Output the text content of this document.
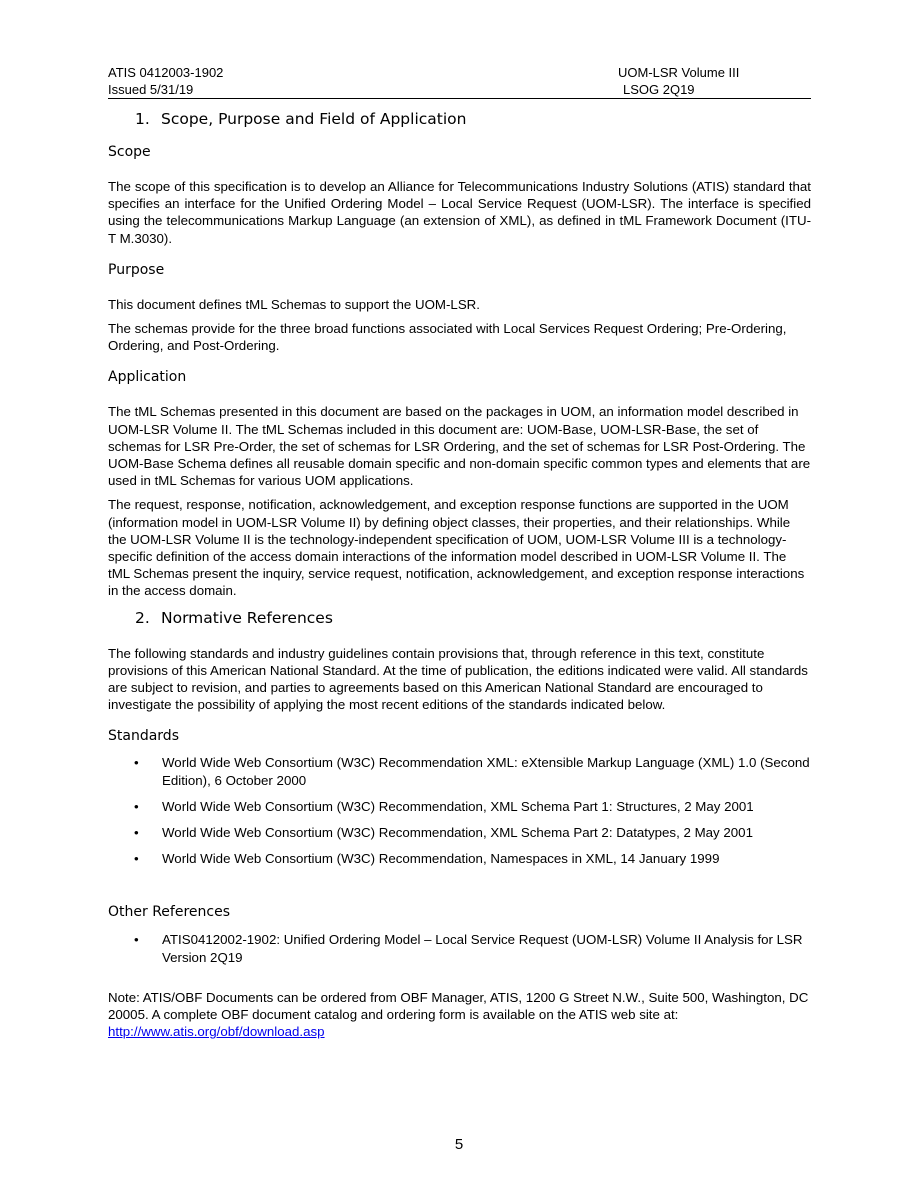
ATIS 0412003-1902
Issued 5/31/19
UOM-LSR Volume III
LSOG 2Q19
1. Scope, Purpose and Field of Application
Scope

The scope of this specification is to develop an Alliance for Telecommunications Industry Solutions (ATIS) standard that specifies an interface for the Unified Ordering Model – Local Service Request (UOM-LSR). The interface is specified using the telecommunications Markup Language (an extension of XML), as defined in tML Framework Document (ITU-T M.3030).

Purpose

This document defines tML Schemas to support the UOM-LSR.

The schemas provide for the three broad functions associated with Local Services Request Ordering; Pre-Ordering, Ordering, and Post-Ordering.

Application

The tML Schemas presented in this document are based on the packages in UOM, an information model described in UOM-LSR Volume II. The tML Schemas included in this document are: UOM-Base, UOM-LSR-Base, the set of schemas for LSR Pre-Order, the set of schemas for LSR Ordering, and the set of schemas for LSR Post-Ordering. The UOM-Base Schema defines all reusable domain specific and non-domain specific common types and elements that are used in tML Schemas for various UOM applications.

The request, response, notification, acknowledgement, and exception response functions are supported in the UOM (information model in UOM-LSR Volume II) by defining object classes, their properties, and their relationships. While the UOM-LSR Volume II is the technology-independent specification of UOM, UOM-LSR Volume III is a technology-specific definition of the access domain interactions of the information model described in UOM-LSR Volume II. The tML Schemas present the inquiry, service request, notification, acknowledgement, and exception response interactions in the access domain.

2. Normative References

The following standards and industry guidelines contain provisions that, through reference in this text, constitute provisions of this American National Standard. At the time of publication, the editions indicated were valid. All standards are subject to revision, and parties to agreements based on this American National Standard are encouraged to investigate the possibility of applying the most recent editions of the standards indicated below.

Standards
• World Wide Web Consortium (W3C) Recommendation XML: eXtensible Markup Language (XML) 1.0 (Second Edition), 6 October 2000
• World Wide Web Consortium (W3C) Recommendation, XML Schema Part 1: Structures, 2 May 2001
• World Wide Web Consortium (W3C) Recommendation, XML Schema Part 2: Datatypes, 2 May 2001
• World Wide Web Consortium (W3C) Recommendation, Namespaces in XML, 14 January 1999
Other References
• ATIS0412002-1902: Unified Ordering Model – Local Service Request (UOM-LSR) Volume II Analysis for LSR Version 2Q19

Note: ATIS/OBF Documents can be ordered from OBF Manager, ATIS, 1200 G Street N.W., Suite 500, Washington, DC 20005. A complete OBF document catalog and ordering form is available on the ATIS web site at: http://www.atis.org/obf/download.asp

5
